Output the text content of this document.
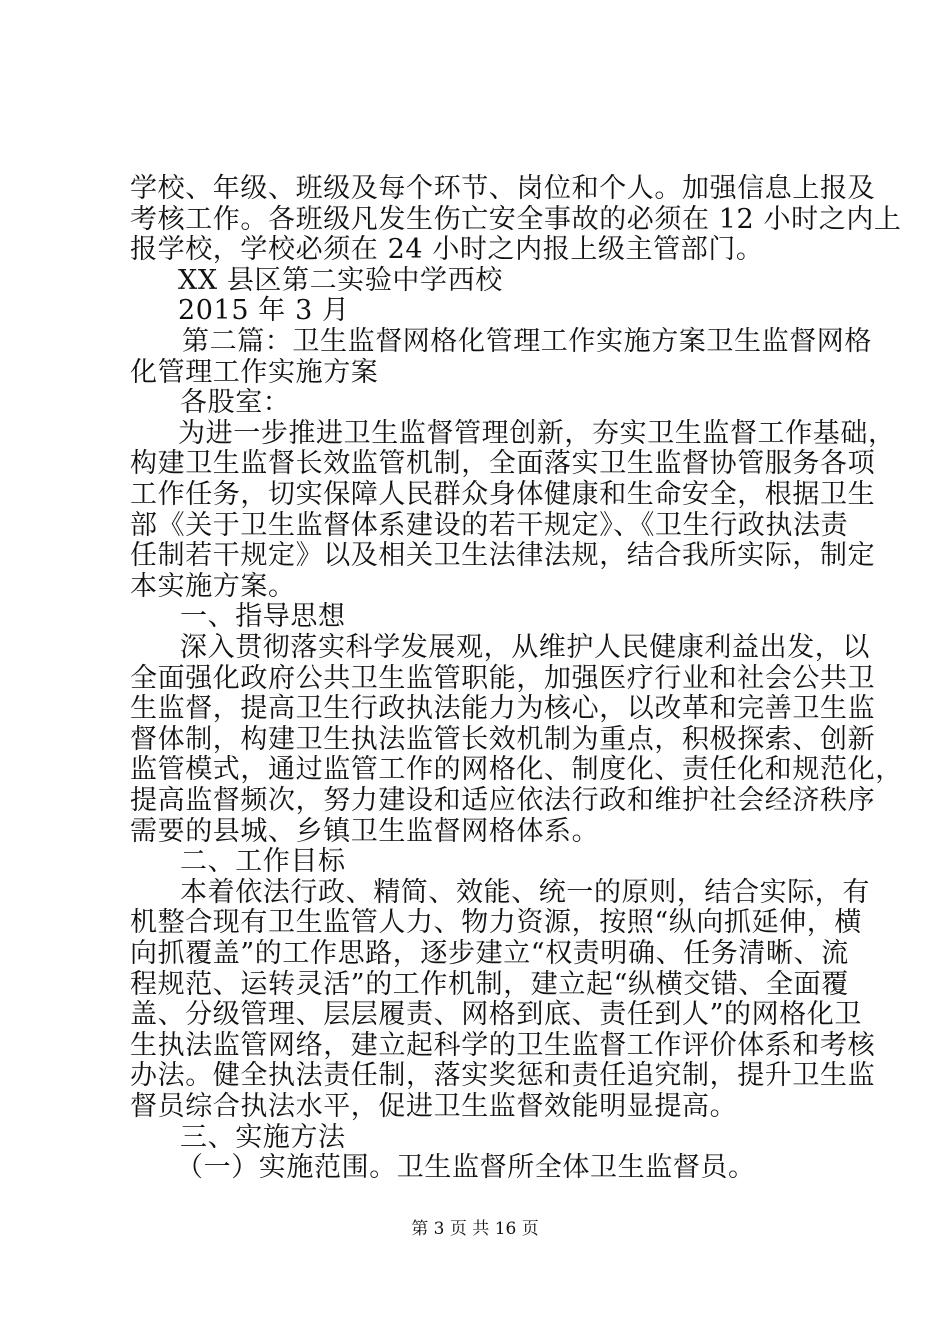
学校、年级、班级及每个环节、岗位和个人。加强信息上报及
考核工作。各班级凡发生伤亡安全事故的必须在 12 小时之内上
报学校，学校必须在 24 小时之内报上级主管部门。
XX 县区第二实验中学西校
2015 年 3 月
第二篇：卫生监督网格化管理工作实施方案卫生监督网格
化管理工作实施方案
各股室：
为进一步推进卫生监督管理创新，夯实卫生监督工作基础，
构建卫生监督长效监管机制，全面落实卫生监督协管服务各项
工作任务，切实保障人民群众身体健康和生命安全，根据卫生
部《关于卫生监督体系建设的若干规定》、《卫生行政执法责
任制若干规定》以及相关卫生法律法规，结合我所实际，制定
本实施方案。
一、指导思想
深入贯彻落实科学发展观，从维护人民健康利益出发，以
全面强化政府公共卫生监管职能，加强医疗行业和社会公共卫
生监督，提高卫生行政执法能力为核心，以改革和完善卫生监
督体制，构建卫生执法监管长效机制为重点，积极探索、创新
监管模式，通过监管工作的网格化、制度化、责任化和规范化，
提高监督频次，努力建设和适应依法行政和维护社会经济秩序
需要的县城、乡镇卫生监督网格体系。
二、工作目标
本着依法行政、精简、效能、统一的原则，结合实际，有
机整合现有卫生监管人力、物力资源，按照“纵向抓延伸，横
向抓覆盖”的工作思路，逐步建立“权责明确、任务清晰、流
程规范、运转灵活”的工作机制，建立起“纵横交错、全面覆
盖、分级管理、层层履责、网格到底、责任到人”的网格化卫
生执法监管网络，建立起科学的卫生监督工作评价体系和考核
办法。健全执法责任制，落实奖惩和责任追究制，提升卫生监
督员综合执法水平，促进卫生监督效能明显提高。
三、实施方法
（一）实施范围。卫生监督所全体卫生监督员。
第 3 页 共 16 页
